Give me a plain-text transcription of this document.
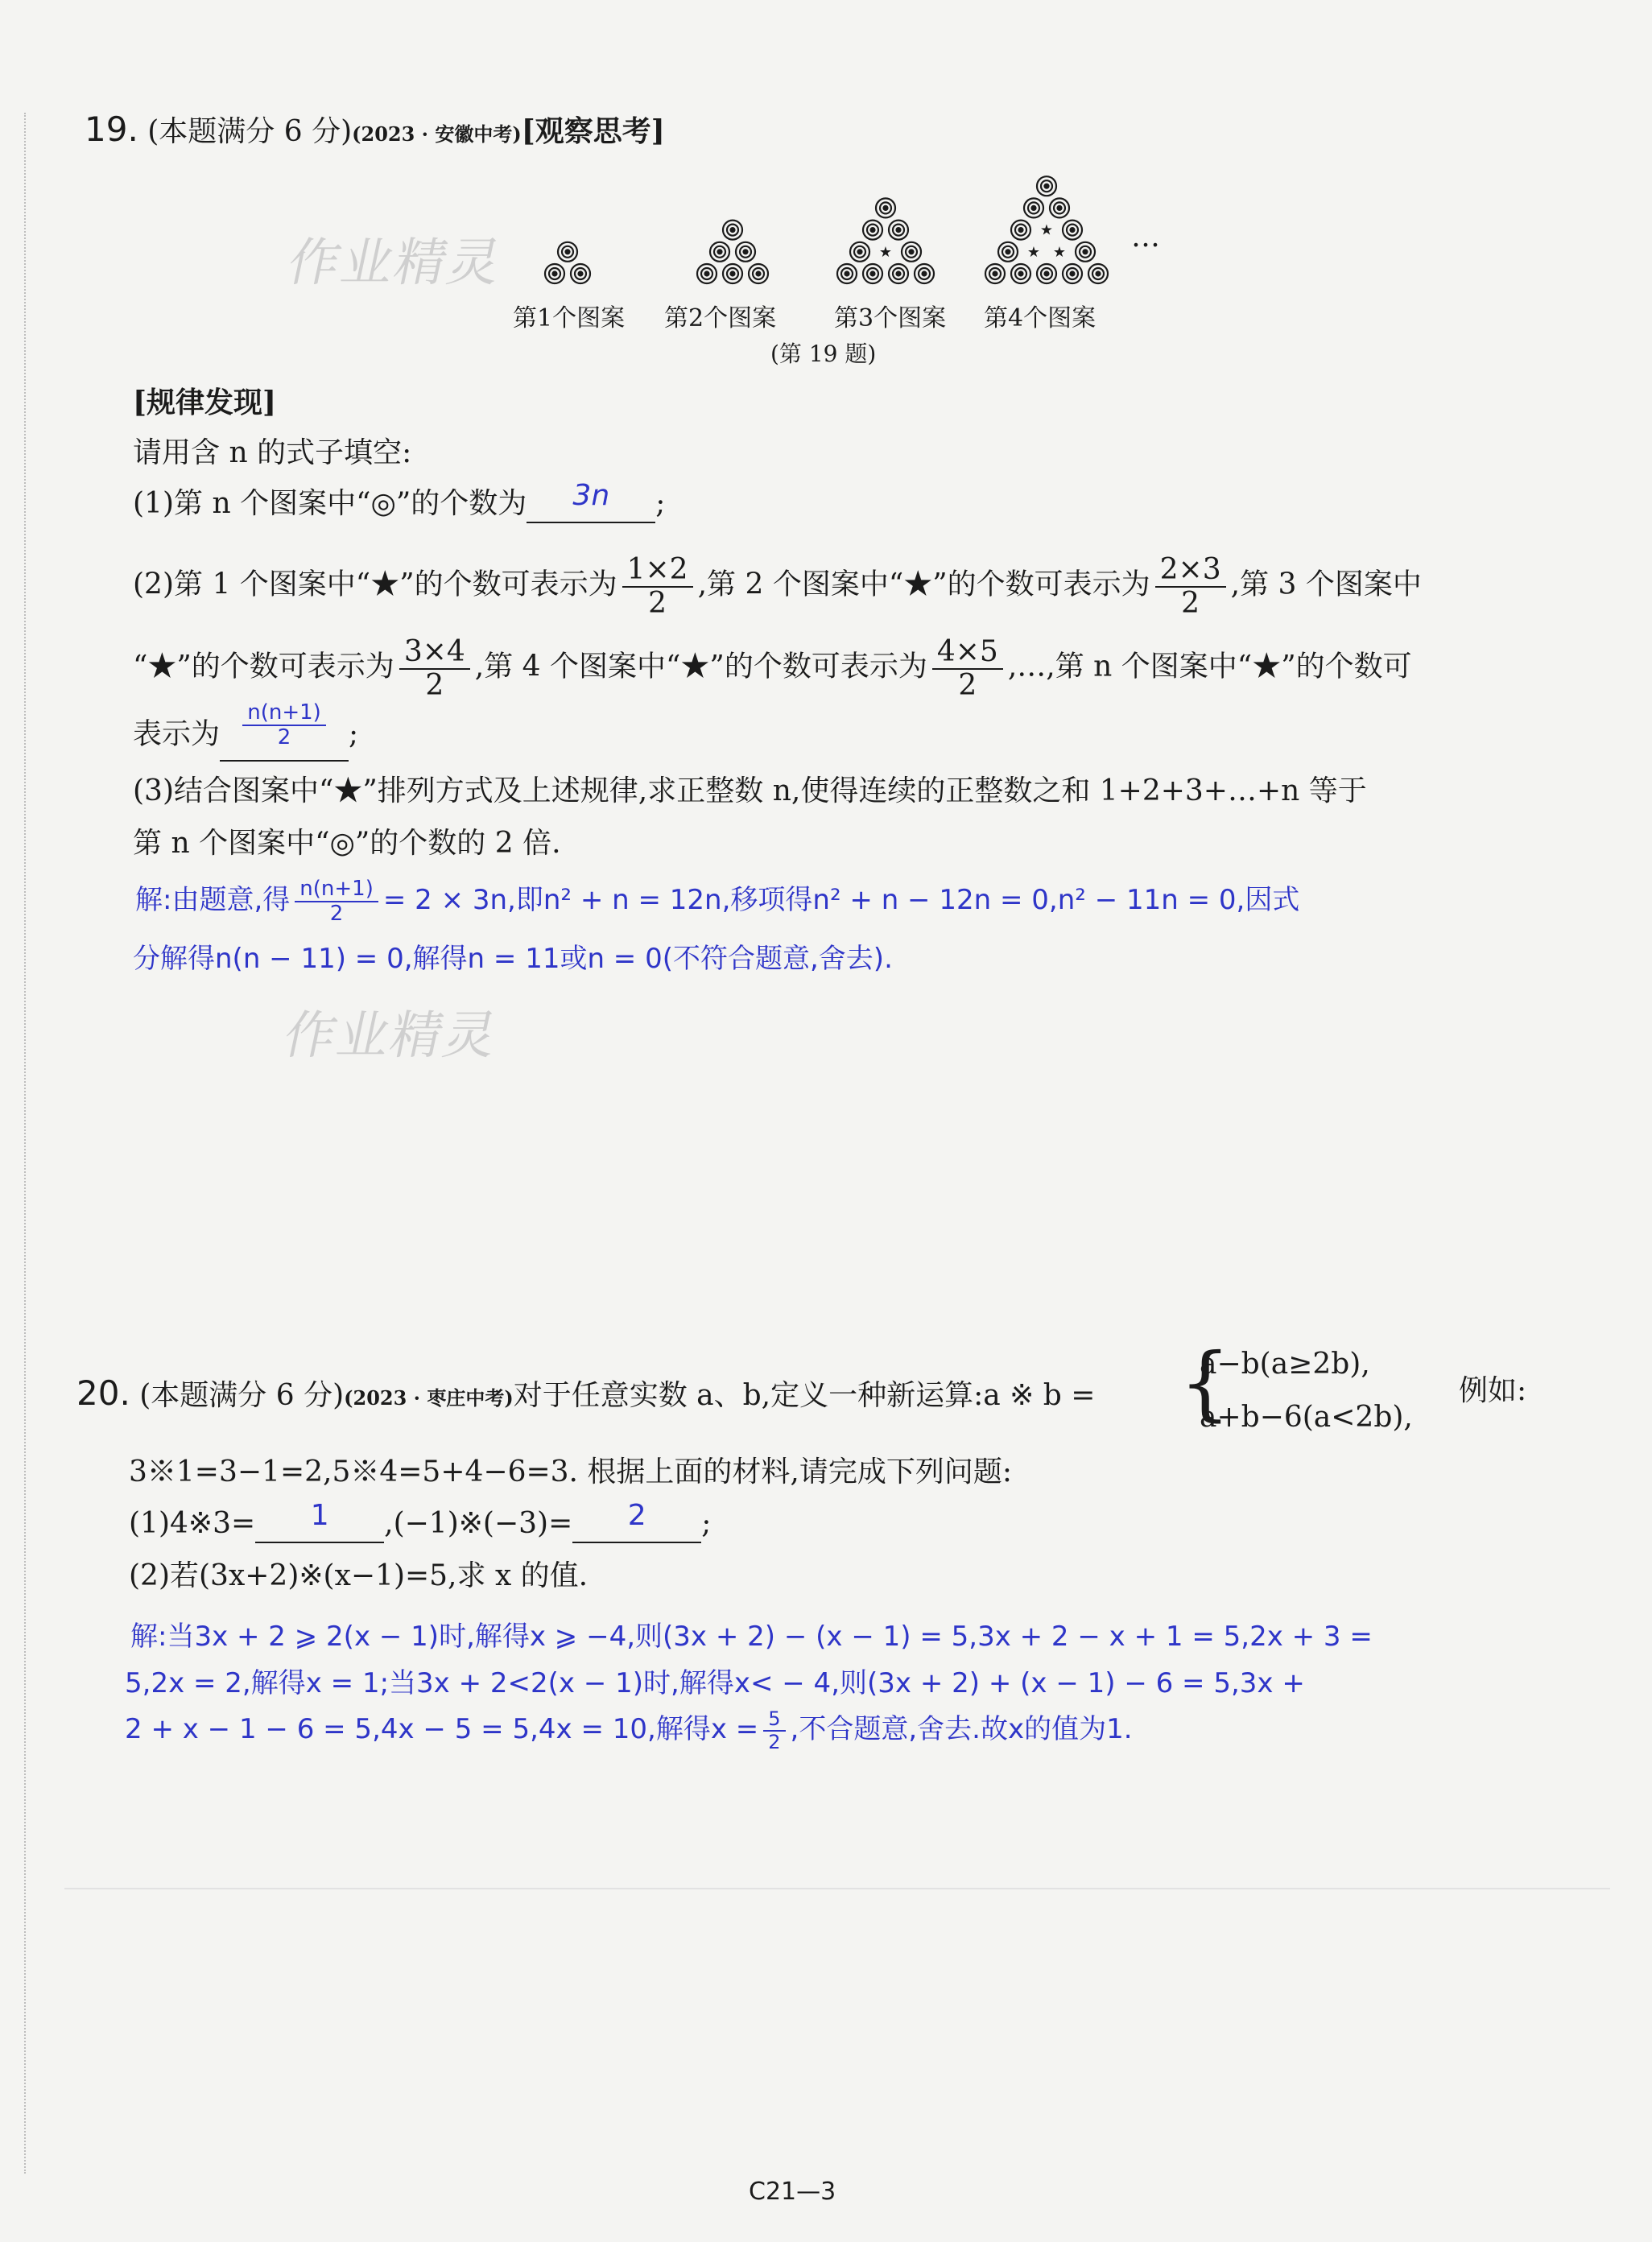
19. (本题满分 6 分)(2023 · 安徽中考)[观察思考]
作业精灵	★
★
★ ★ …
第1个图案 第2个图案 第3个图案 第4个图案
(第 19 题)
[规律发现]
请用含 n 的式子填空:
(1)第 n 个图案中“◎”的个数为 3n ;
(2)第 1 个图案中“★”的个数可表示为 $\frac{1\times 2}{2}$ ,第 2 个图案中“★”的个数可表示为 $\frac{2\times 3}{2}$ ,第 3 个图案中
“★”的个数可表示为 $\frac{3\times 4}{2}$ ,第 4 个图案中“★”的个数可表示为 $\frac{4\times 5}{2}$ ,…,第 n 个图案中“★”的个数可
表示为 $\frac{n(n+1)}{2}$ ;
(3)结合图案中“★”排列方式及上述规律,求正整数 n,使得连续的正整数之和 1+2+3+…+n 等于
第 n 个图案中“◎”的个数的 2 倍.
解:由题意,得 $\frac{n(n+1)}{2} = 2 \times 3n$,即n² + n = 12n,移项得n² + n − 12n = 0,n² − 11n = 0,因式
分解得n(n − 11) = 0,解得n = 11或n = 0(不符合题意,舍去).
作业精灵
20. (本题满分 6 分)(2023 · 枣庄中考)对于任意实数 a、b,定义一种新运算:a ※ b = {
a−b(a≥2b),
a+b−6(a<2b),
例如:
3※1=3−1=2,5※4=5+4−6=3. 根据上面的材料,请完成下列问题:
(1)4※3= 1 ,(−1)※(−3)= 2 ;
(2)若(3x+2)※(x−1)=5,求 x 的值.
解:当3x + 2 ⩾ 2(x − 1)时,解得x ⩾ −4,则(3x + 2) − (x − 1) = 5,3x + 2 − x + 1 = 5,2x + 3 =
5,2x = 2,解得x = 1;当3x + 2<2(x − 1)时,解得x< − 4,则(3x + 2) + (x − 1) − 6 = 5,3x +
2 + x − 1 − 6 = 5,4x − 5 = 5,4x = 10,解得$x = \frac{5}{2}$ ,不合题意,舍去.故x的值为1.
C21—3
